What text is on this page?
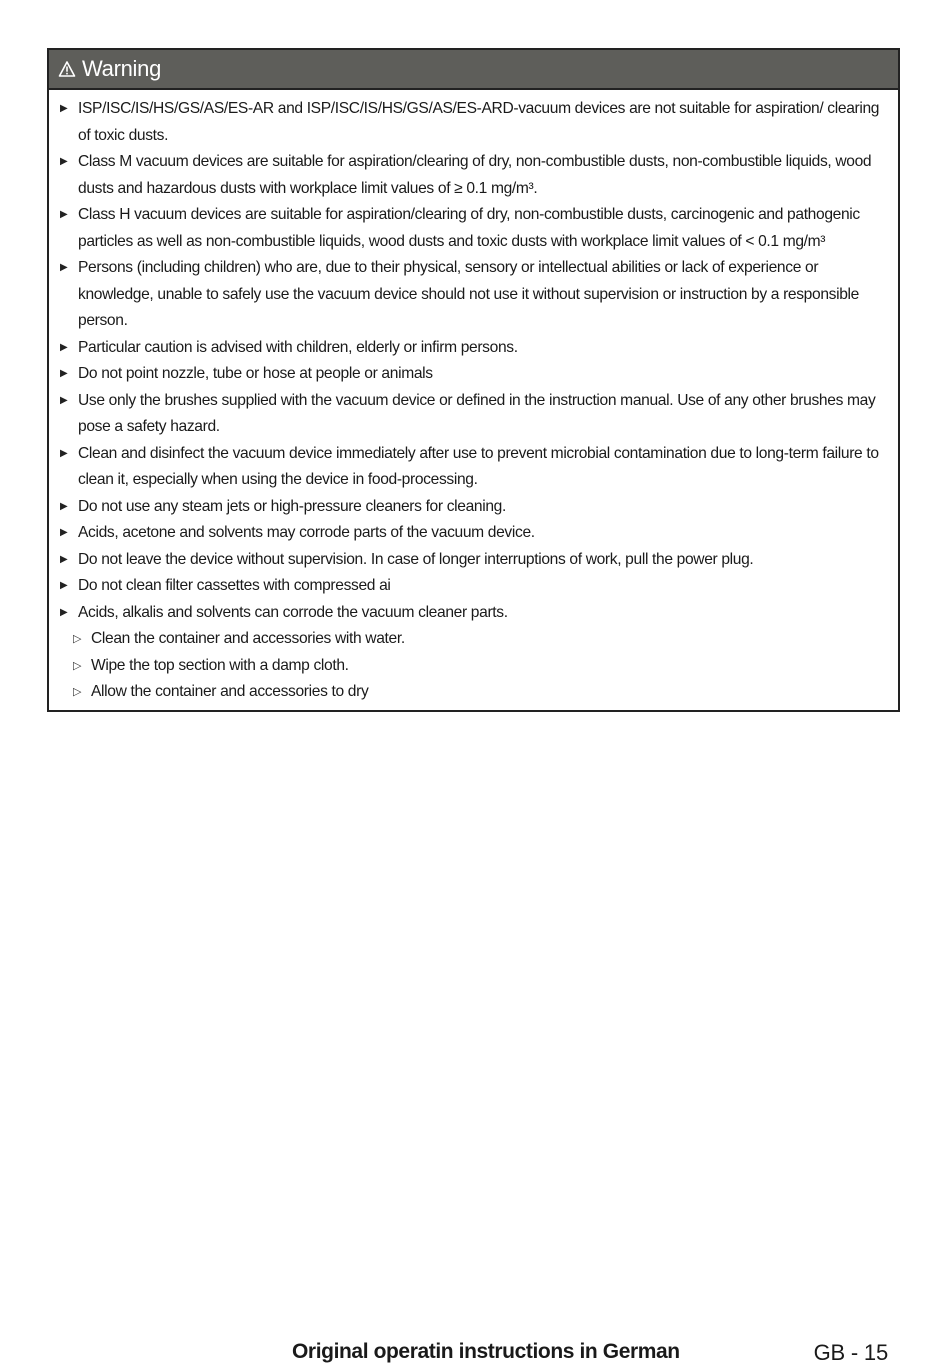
Warning
▶ ISP/ISC/IS/HS/GS/AS/ES-AR and ISP/ISC/IS/HS/GS/AS/ES-ARD-vacuum devices are not suitable for aspiration/ clearing of toxic dusts.
▶ Class M vacuum devices are suitable for aspiration/clearing of dry, non-combustible dusts, non-combustible liquids, wood dusts and hazardous dusts with workplace limit values of ≥ 0.1 mg/m³.
▶ Class H vacuum devices are suitable for aspiration/clearing of dry, non-combustible dusts, carcinogenic and pathogenic particles as well as non-combustible liquids, wood dusts and toxic dusts with workplace limit values of < 0.1 mg/m³
▶ Persons (including children) who are, due to their physical, sensory or intellectual abilities or lack of experience or knowledge, unable to safely use the vacuum device should not use it without supervision or instruction by a responsible person.
▶ Particular caution is advised with children, elderly or infirm persons.
▶ Do not point nozzle, tube or hose at people or animals
▶ Use only the brushes supplied with the vacuum device or defined in the instruction manual. Use of any other brushes may pose a safety hazard.
▶ Clean and disinfect the vacuum device immediately after use to prevent microbial contamination due to long-term failure to clean it, especially when using the device in food-processing.
▶ Do not use any steam jets or high-pressure cleaners for cleaning.
▶ Acids, acetone and solvents may corrode parts of the vacuum device.
▶ Do not leave the device without supervision. In case of longer interruptions of work, pull the power plug.
▶ Do not clean filter cassettes with compressed ai
▶ Acids, alkalis and solvents can corrode the vacuum cleaner parts.
▷ Clean the container and accessories with water.
▷ Wipe the top section with a damp cloth.
▷ Allow the container and accessories to dry
Original operatin instructions in German	GB - 15
